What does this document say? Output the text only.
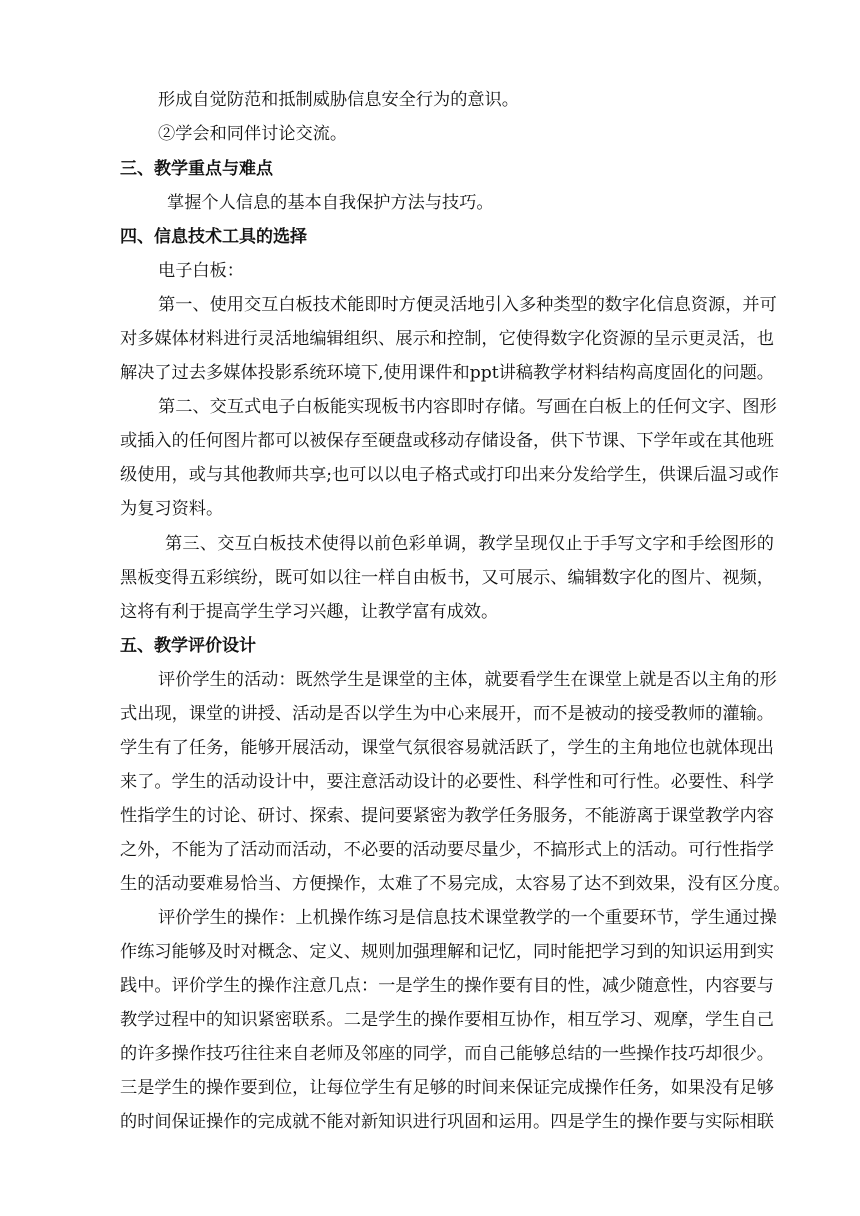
形成自觉防范和抵制威胁信息安全行为的意识。
②学会和同伴讨论交流。
三、教学重点与难点
掌握个人信息的基本自我保护方法与技巧。
四、信息技术工具的选择
电子白板：
第一、使用交互白板技术能即时方便灵活地引入多种类型的数字化信息资源，并可
对多媒体材料进行灵活地编辑组织、展示和控制，它使得数字化资源的呈示更灵活，也
解决了过去多媒体投影系统环境下,使用课件和ppt讲稿教学材料结构高度固化的问题。
第二、交互式电子白板能实现板书内容即时存储。写画在白板上的任何文字、图形
或插入的任何图片都可以被保存至硬盘或移动存储设备，供下节课、下学年或在其他班
级使用，或与其他教师共享;也可以以电子格式或打印出来分发给学生，供课后温习或作
为复习资料。
第三、交互白板技术使得以前色彩单调，教学呈现仅止于手写文字和手绘图形的
黑板变得五彩缤纷，既可如以往一样自由板书，又可展示、编辑数字化的图片、视频，
这将有利于提高学生学习兴趣，让教学富有成效。
五、教学评价设计
评价学生的活动：既然学生是课堂的主体，就要看学生在课堂上就是否以主角的形
式出现，课堂的讲授、活动是否以学生为中心来展开，而不是被动的接受教师的灌输。
学生有了任务，能够开展活动，课堂气氛很容易就活跃了，学生的主角地位也就体现出
来了。学生的活动设计中，要注意活动设计的必要性、科学性和可行性。必要性、科学
性指学生的讨论、研讨、探索、提问要紧密为教学任务服务，不能游离于课堂教学内容
之外，不能为了活动而活动，不必要的活动要尽量少，不搞形式上的活动。可行性指学
生的活动要难易恰当、方便操作，太难了不易完成，太容易了达不到效果，没有区分度。
评价学生的操作：上机操作练习是信息技术课堂教学的一个重要环节，学生通过操
作练习能够及时对概念、定义、规则加强理解和记忆，同时能把学习到的知识运用到实
践中。评价学生的操作注意几点：一是学生的操作要有目的性，减少随意性，内容要与
教学过程中的知识紧密联系。二是学生的操作要相互协作，相互学习、观摩，学生自己
的许多操作技巧往往来自老师及邻座的同学，而自己能够总结的一些操作技巧却很少。
三是学生的操作要到位，让每位学生有足够的时间来保证完成操作任务，如果没有足够
的时间保证操作的完成就不能对新知识进行巩固和运用。四是学生的操作要与实际相联
